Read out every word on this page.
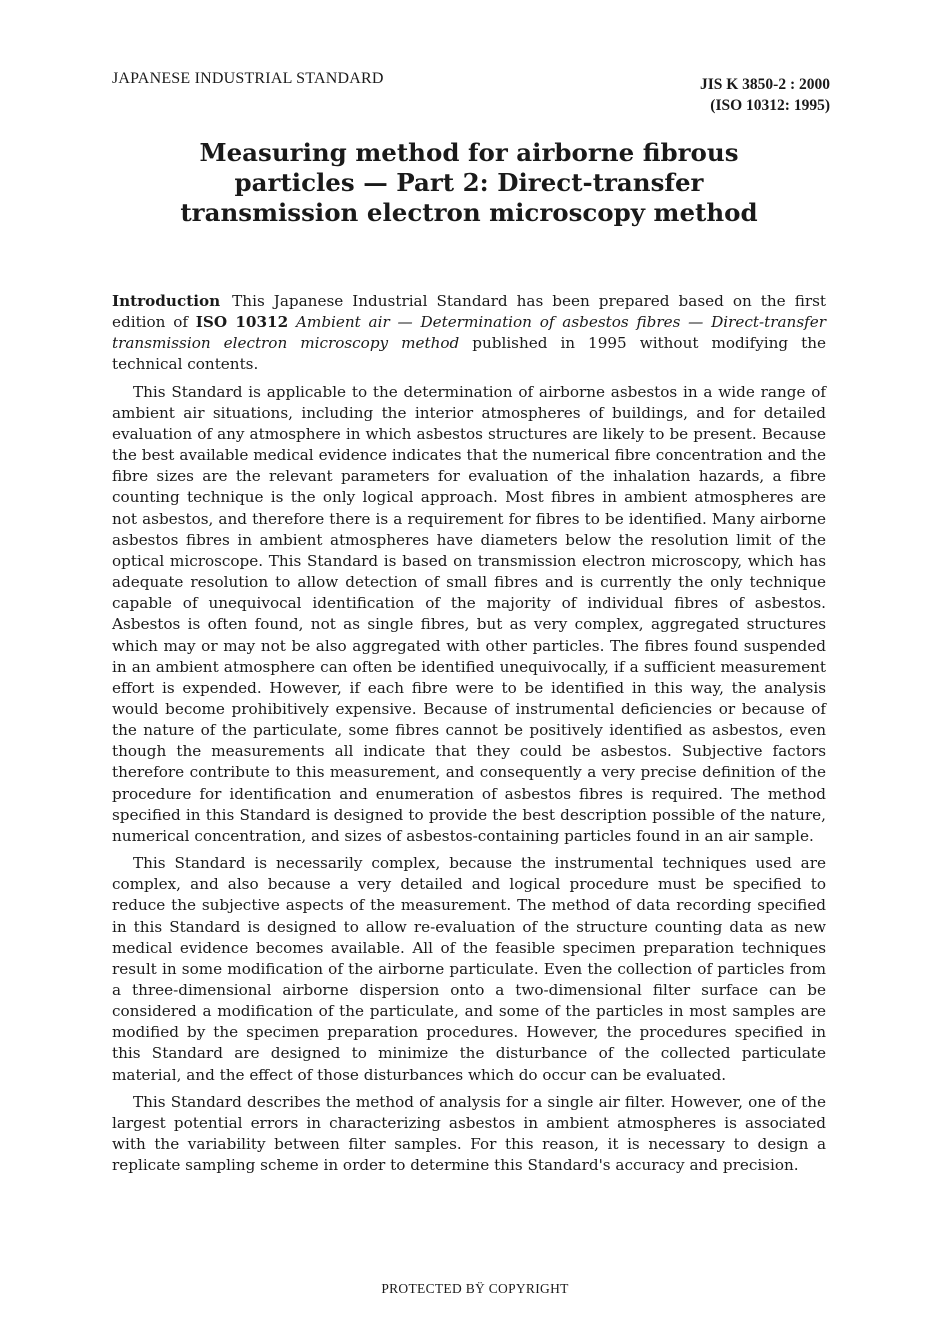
JAPANESE INDUSTRIAL STANDARD	JIS K 3850-2 : 2000
(ISO 10312: 1995)
Measuring method for airborne fibrous
particles — Part 2: Direct-transfer
transmission electron microscopy method

Introduction This Japanese Industrial Standard has been prepared based on the first edition of ISO 10312 Ambient air — Determination of asbestos fibres — Direct-transfer transmission electron microscopy method published in 1995 without modifying the technical contents.

This Standard is applicable to the determination of airborne asbestos in a wide range of ambient air situations, including the interior atmospheres of buildings, and for detailed evaluation of any atmosphere in which asbestos structures are likely to be present. Because the best available medical evidence indicates that the numerical fibre concentration and the fibre sizes are the relevant parameters for evaluation of the inhalation hazards, a fibre counting technique is the only logical approach. Most fibres in ambient atmospheres are not asbestos, and therefore there is a requirement for fibres to be identified. Many airborne asbestos fibres in ambient atmospheres have diameters below the resolution limit of the optical microscope. This Standard is based on transmission electron microscopy, which has adequate resolution to allow detection of small fibres and is currently the only technique capable of unequivocal identification of the majority of individual fibres of asbestos. Asbestos is often found, not as single fibres, but as very complex, aggregated structures which may or may not be also aggregated with other particles. The fibres found suspended in an ambient atmosphere can often be identified unequivocally, if a sufficient measurement effort is expended. However, if each fibre were to be identified in this way, the analysis would become prohibitively expensive. Because of instrumental deficiencies or because of the nature of the particulate, some fibres cannot be positively identified as asbestos, even though the measurements all indicate that they could be asbestos. Subjective factors therefore contribute to this measurement, and consequently a very precise definition of the procedure for identification and enumeration of asbestos fibres is required. The method specified in this Standard is designed to provide the best description possible of the nature, numerical concentration, and sizes of asbestos-containing particles found in an air sample.

This Standard is necessarily complex, because the instrumental techniques used are complex, and also because a very detailed and logical procedure must be specified to reduce the subjective aspects of the measurement. The method of data recording specified in this Standard is designed to allow re-evaluation of the structure counting data as new medical evidence becomes available. All of the feasible specimen preparation techniques result in some modification of the airborne particulate. Even the collection of particles from a three-dimensional airborne dispersion onto a two-dimensional filter surface can be considered a modification of the particulate, and some of the particles in most samples are modified by the specimen preparation procedures. However, the procedures specified in this Standard are designed to minimize the disturbance of the collected particulate material, and the effect of those disturbances which do occur can be evaluated.

This Standard describes the method of analysis for a single air filter. However, one of the largest potential errors in characterizing asbestos in ambient atmospheres is associated with the variability between filter samples. For this reason, it is necessary to design a replicate sampling scheme in order to determine this Standard's accuracy and precision.

PROTECTED BŸ COPYRIGHT
